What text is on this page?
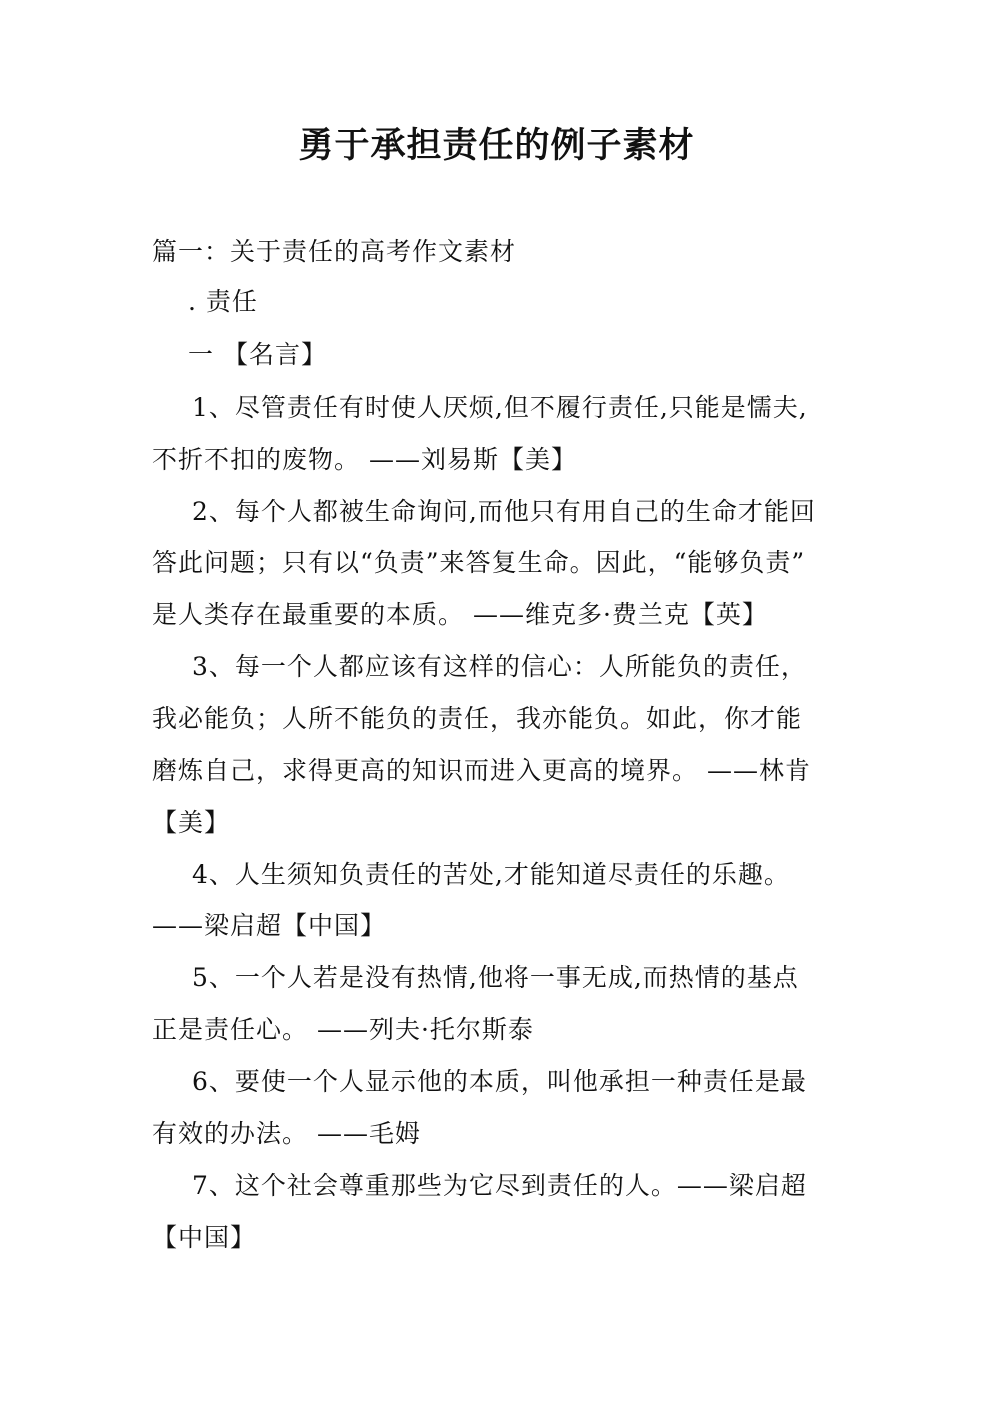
勇于承担责任的例子素材
篇一：关于责任的高考作文素材
. 责任
一 【名言】
1、尽管责任有时使人厌烦,但不履行责任,只能是懦夫,
不折不扣的废物。 ——刘易斯【美】
2、每个人都被生命询问,而他只有用自己的生命才能回
答此问题；只有以“负责”来答复生命。因此，“能够负责”
是人类存在最重要的本质。 ——维克多·费兰克【英】
3、每一个人都应该有这样的信心：人所能负的责任，
我必能负；人所不能负的责任，我亦能负。如此，你才能
磨炼自己，求得更高的知识而进入更高的境界。 ——林肯
【美】
4、人生须知负责任的苦处,才能知道尽责任的乐趣。
——梁启超【中国】
5、一个人若是没有热情,他将一事无成,而热情的基点
正是责任心。 ——列夫·托尔斯泰
6、要使一个人显示他的本质，叫他承担一种责任是最
有效的办法。 ——毛姆
7、这个社会尊重那些为它尽到责任的人。——梁启超
【中国】
